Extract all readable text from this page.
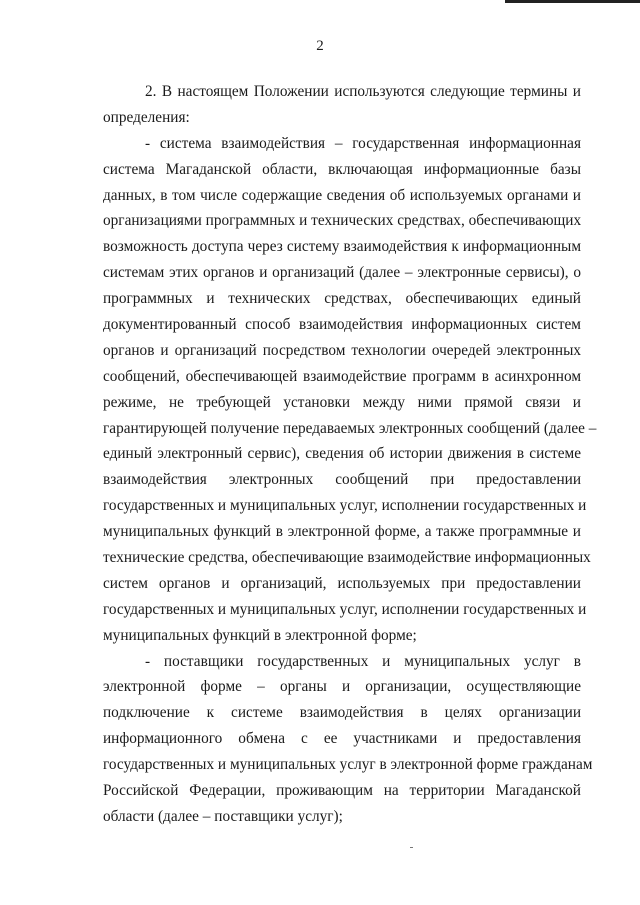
2
2. В настоящем Положении используются следующие термины и
определения:
- система взаимодействия – государственная информационная
система Магаданской области, включающая информационные базы
данных, в том числе содержащие сведения об используемых органами и
организациями программных и технических средствах, обеспечивающих
возможность доступа через систему взаимодействия к информационным
системам этих органов и организаций (далее – электронные сервисы), о
программных и технических средствах, обеспечивающих единый
документированный способ взаимодействия информационных систем
органов и организаций посредством технологии очередей электронных
сообщений, обеспечивающей взаимодействие программ в асинхронном
режиме, не требующей установки между ними прямой связи и
гарантирующей получение передаваемых электронных сообщений (далее –
единый электронный сервис), сведения об истории движения в системе
взаимодействия электронных сообщений при предоставлении
государственных и муниципальных услуг, исполнении государственных и
муниципальных функций в электронной форме, а также программные и
технические средства, обеспечивающие взаимодействие информационных
систем органов и организаций, используемых при предоставлении
государственных и муниципальных услуг, исполнении государственных и
муниципальных функций в электронной форме;
- поставщики государственных и муниципальных услуг в
электронной форме – органы и организации, осуществляющие
подключение к системе взаимодействия в целях организации
информационного обмена с ее участниками и предоставления
государственных и муниципальных услуг в электронной форме гражданам
Российской Федерации, проживающим на территории Магаданской
области (далее – поставщики услуг);
